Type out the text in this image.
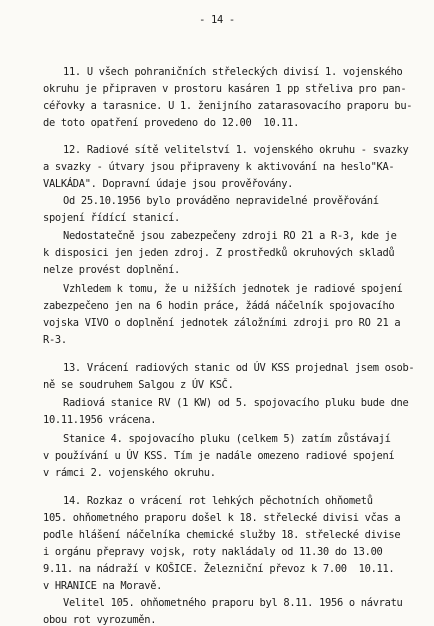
- 14 -
11. U všech pohraničních střeleckých divisí 1. vojenského
okruhu je připraven v prostoru kasáren 1 pp střeliva pro pan-
céřovky a tarasnice. U 1. ženijního zatarasovacího praporu bu-
de toto opatření provedeno do 12.00  10.11.
12. Radiové sítě velitelství 1. vojenského okruhu - svazky
a svazky - útvary jsou připraveny k aktivování na heslo"KA-
VALKÁDA". Dopravní údaje jsou prověřovány.
Od 25.10.1956 bylo prováděno nepravidelné prověřování
spojení řídící stanicí.
Nedostatečně jsou zabezpečeny zdroji RO 21 a R-3, kde je
k disposici jen jeden zdroj. Z prostředků okruhových skladů
nelze provést doplnění.
Vzhledem k tomu, že u nižších jednotek je radiové spojení
zabezpečeno jen na 6 hodin práce, žádá náčelník spojovacího
vojska VIVO o doplnění jednotek záložními zdroji pro RO 21 a
R-3.
13. Vrácení radiových stanic od ÚV KSS projednal jsem osob-
ně se soudruhem Salgou z ÚV KSČ.
Radiová stanice RV (1 KW) od 5. spojovacího pluku bude dne
10.11.1956 vrácena.
Stanice 4. spojovacího pluku (celkem 5) zatím zůstávají
v používání u ÚV KSS. Tím je nadále omezeno radiové spojení
v rámci 2. vojenského okruhu.
14. Rozkaz o vrácení rot lehkých pěchotních ohňometů
105. ohňometného praporu došel k 18. střelecké divisi včas a
podle hlášení náčelníka chemické služby 18. střelecké divise
i orgánu přepravy vojsk, roty nakládaly od 11.30 do 13.00
9.11. na nádraží v KOŠICE. Železniční převoz k 7.00  10.11.
v HRANICE na Moravě.
Velitel 105. ohňometného praporu byl 8.11. 1956 o návratu
obou rot vyrozuměn.
